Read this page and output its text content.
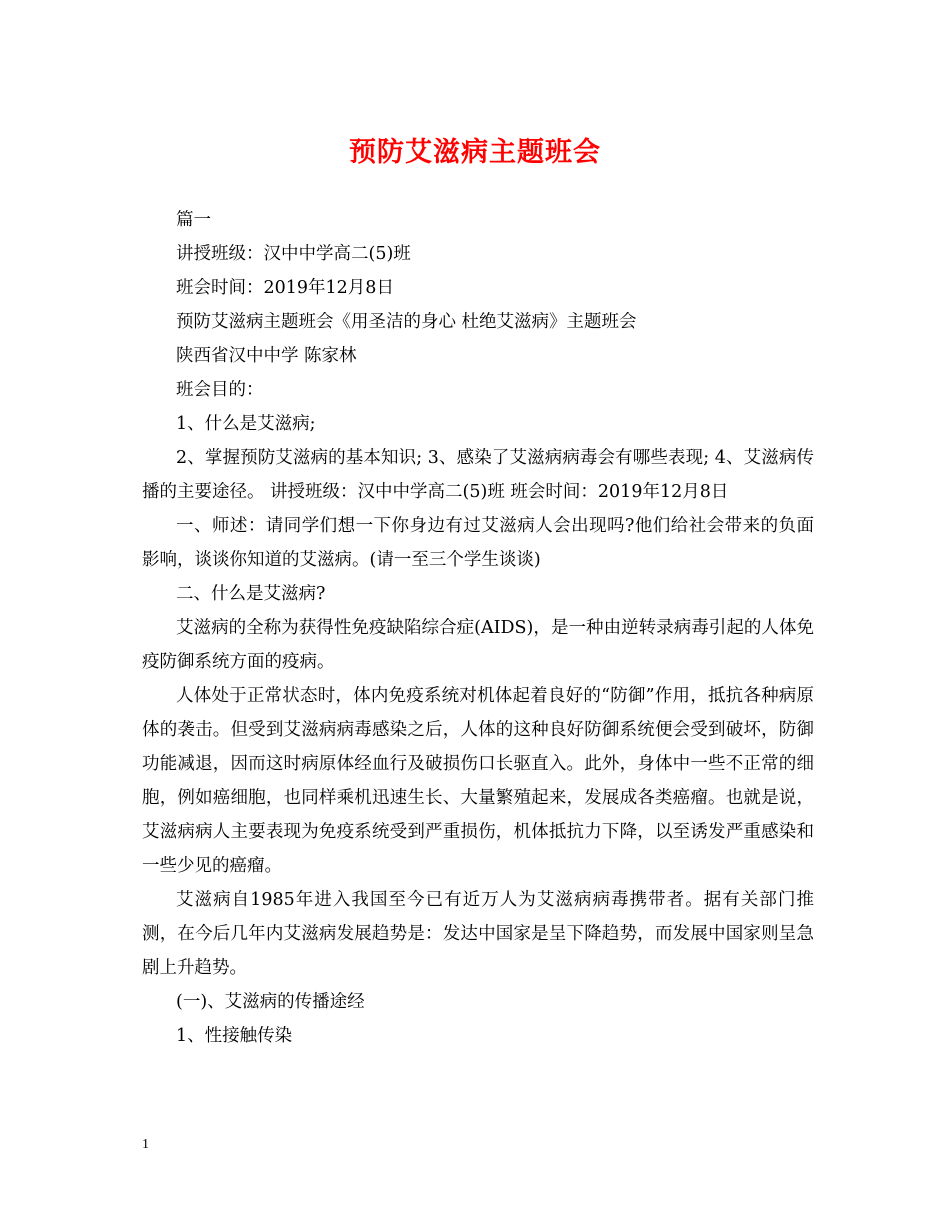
预防艾滋病主题班会

篇一

讲授班级：汉中中学高二(5)班

班会时间：2019年12月8日

预防艾滋病主题班会《用圣洁的身心 杜绝艾滋病》主题班会

陕西省汉中中学 陈家林

班会目的：

1、什么是艾滋病;

2、掌握预防艾滋病的基本知识; 3、感染了艾滋病病毒会有哪些表现; 4、艾滋病传播的主要途径。 讲授班级：汉中中学高二(5)班 班会时间：2019年12月8日

一、师述：请同学们想一下你身边有过艾滋病人会出现吗?他们给社会带来的负面影响，谈谈你知道的艾滋病。(请一至三个学生谈谈)

二、什么是艾滋病?

艾滋病的全称为获得性免疫缺陷综合症(AIDS)，是一种由逆转录病毒引起的人体免疫防御系统方面的疫病。

人体处于正常状态时，体内免疫系统对机体起着良好的“防御”作用，抵抗各种病原体的袭击。但受到艾滋病病毒感染之后，人体的这种良好防御系统便会受到破坏，防御功能减退，因而这时病原体经血行及破损伤口长驱直入。此外，身体中一些不正常的细胞，例如癌细胞，也同样乘机迅速生长、大量繁殖起来，发展成各类癌瘤。也就是说，艾滋病病人主要表现为免疫系统受到严重损伤，机体抵抗力下降，以至诱发严重感染和一些少见的癌瘤。

艾滋病自1985年进入我国至今已有近万人为艾滋病病毒携带者。据有关部门推测，在今后几年内艾滋病发展趋势是：发达中国家是呈下降趋势，而发展中国家则呈急剧上升趋势。

(一)、艾滋病的传播途经

1、性接触传染

1
